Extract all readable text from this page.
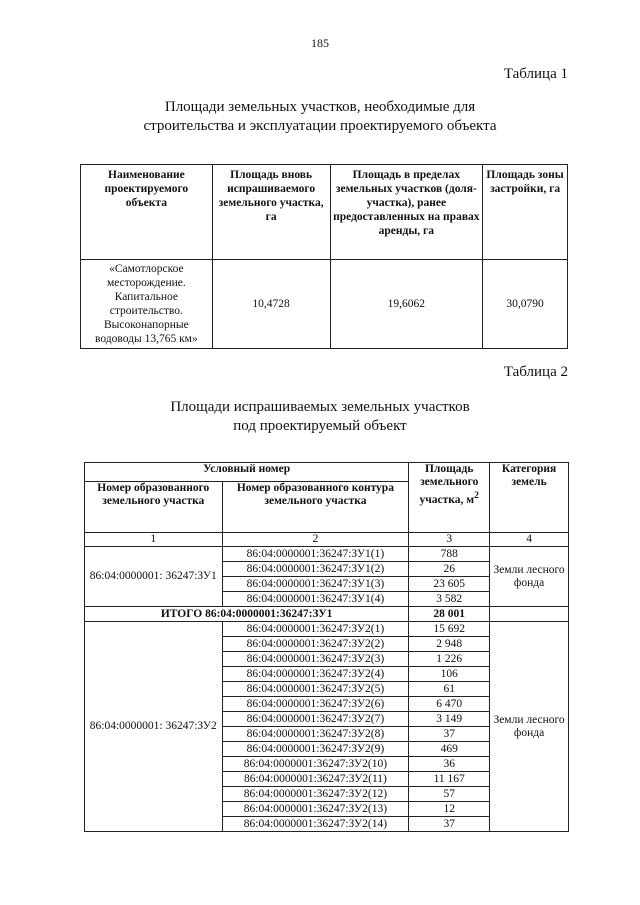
185
Таблица 1
Площади земельных участков, необходимые для
строительства и эксплуатации проектируемого объекта
Наименование проектируемого объекта	Площадь вновь испрашиваемого земельного участка, га	Площадь в пределах земельных участков (доля-участка), ранее предоставленных на правах аренды, га	Площадь зоны застройки, га
«Самотлорское месторождение. Капитальное строительство. Высоконапорные водоводы 13,765 км»	10,4728	19,6062	30,0790
Таблица 2
Площади испрашиваемых земельных участков
под проектируемый объект
Условный номер		Площадь земельного участка, $м^2$	Категория земель
Номер образованного земельного участка	Номер образованного контура земельного участка		
1	2	3	4
86:04:0000001: 36247:ЗУ1	86:04:0000001:36247:ЗУ1(1)	788	Земли лесного фонда
	86:04:0000001:36247:ЗУ1(2)	26	
	86:04:0000001:36247:ЗУ1(3)	23 605	
	86:04:0000001:36247:ЗУ1(4)	3 582	
ИТОГО 86:04:0000001:36247:ЗУ1		28 001	
86:04:0000001: 36247:ЗУ2	86:04:0000001:36247:ЗУ2(1)	15 692	Земли лесного фонда
	86:04:0000001:36247:ЗУ2(2)	2 948	
	86:04:0000001:36247:ЗУ2(3)	1 226	
	86:04:0000001:36247:ЗУ2(4)	106	
	86:04:0000001:36247:ЗУ2(5)	61	
	86:04:0000001:36247:ЗУ2(6)	6 470	
	86:04:0000001:36247:ЗУ2(7)	3 149	
	86:04:0000001:36247:ЗУ2(8)	37	
	86:04:0000001:36247:ЗУ2(9)	469	
	86:04:0000001:36247:ЗУ2(10)	36	
	86:04:0000001:36247:ЗУ2(11)	11 167	
	86:04:0000001:36247:ЗУ2(12)	57	
	86:04:0000001:36247:ЗУ2(13)	12	
	86:04:0000001:36247:ЗУ2(14)	37	
